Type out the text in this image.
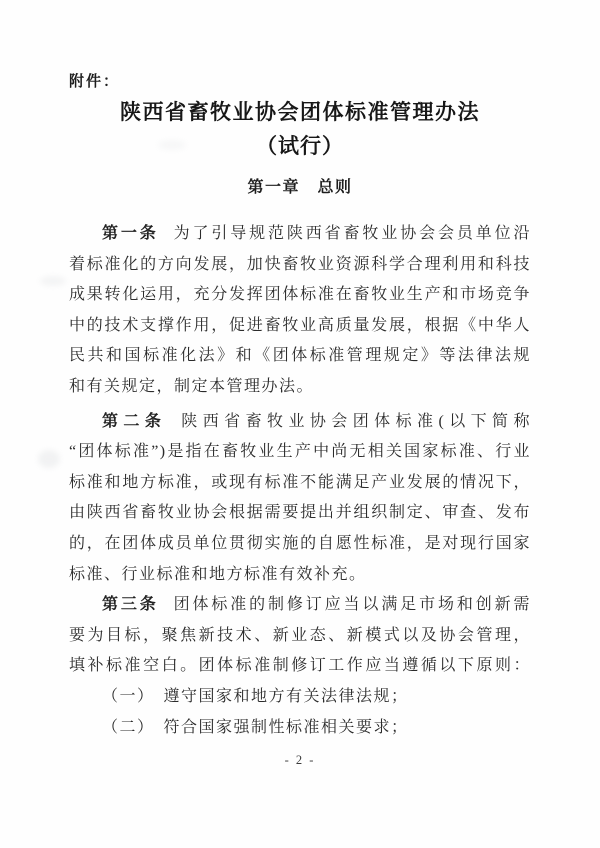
附件：
陕西省畜牧业协会团体标准管理办法
（试行）
第一章　总则

第一条 为了引导规范陕西省畜牧业协会会员单位沿
着标准化的方向发展，加快畜牧业资源科学合理利用和科技
成果转化运用，充分发挥团体标准在畜牧业生产和市场竞争
中的技术支撑作用，促进畜牧业高质量发展，根据《中华人
民共和国标准化法》和《团体标准管理规定》等法律法规
和有关规定，制定本管理办法。

第二条 陕西省畜牧业协会团体标准(以下简称
“团体标准”)是指在畜牧业生产中尚无相关国家标准、行业
标准和地方标准，或现有标准不能满足产业发展的情况下，
由陕西省畜牧业协会根据需要提出并组织制定、审查、发布
的，在团体成员单位贯彻实施的自愿性标准，是对现行国家
标准、行业标准和地方标准有效补充。

第三条 团体标准的制修订应当以满足市场和创新需
要为目标，聚焦新技术、新业态、新模式以及协会管理，
填补标准空白。团体标准制修订工作应当遵循以下原则：

（一） 遵守国家和地方有关法律法规；

（二） 符合国家强制性标准相关要求；

- 2 -
